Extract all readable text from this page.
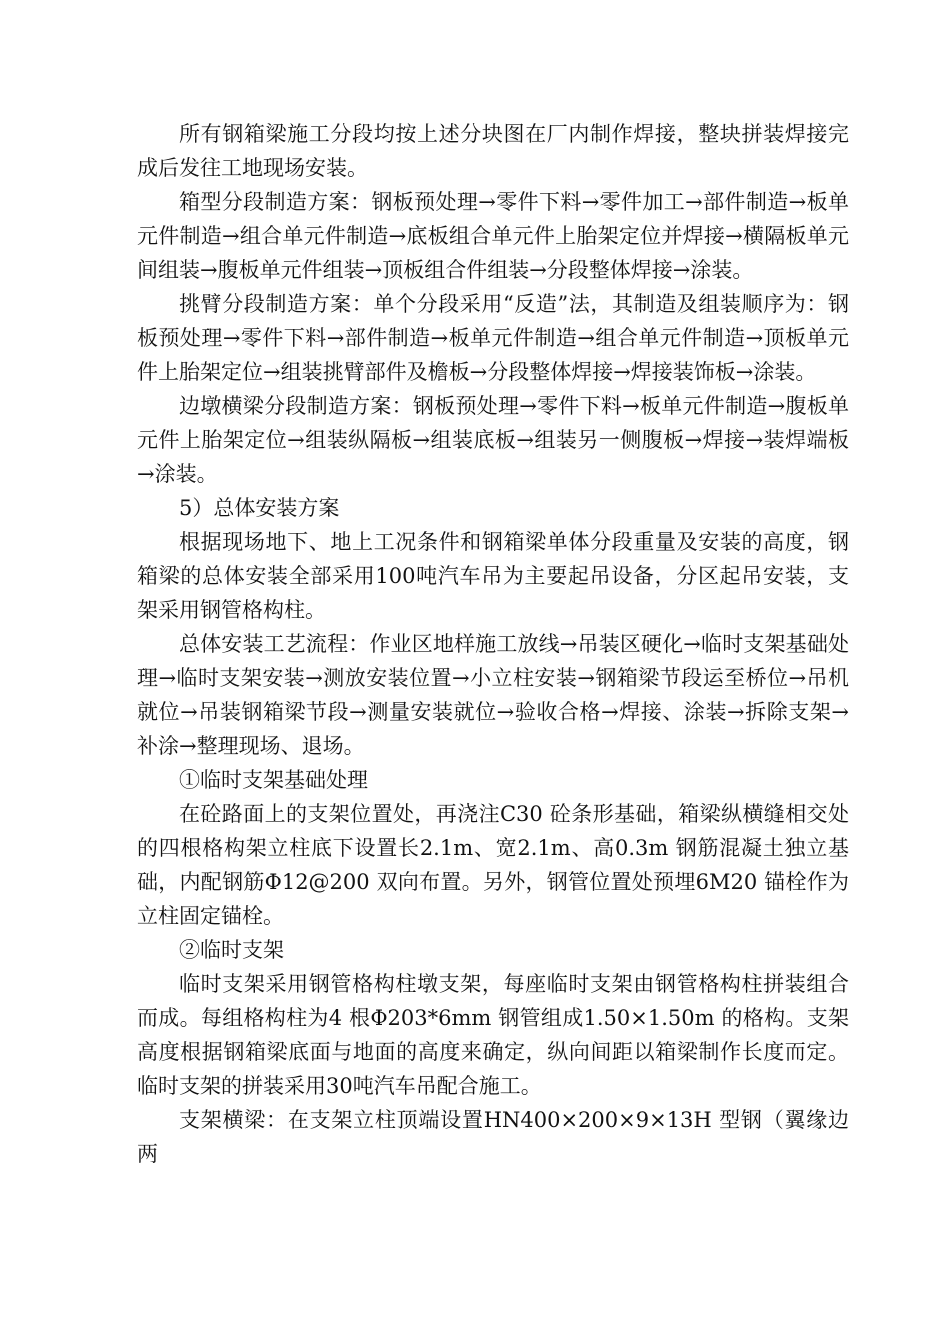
所有钢箱梁施工分段均按上述分块图在厂内制作焊接，整块拼装焊接完成后发往工地现场安装。

箱型分段制造方案：钢板预处理→零件下料→零件加工→部件制造→板单元件制造→组合单元件制造→底板组合单元件上胎架定位并焊接→横隔板单元间组装→腹板单元件组装→顶板组合件组装→分段整体焊接→涂装。

挑臂分段制造方案：单个分段采用“反造”法，其制造及组装顺序为：钢板预处理→零件下料→部件制造→板单元件制造→组合单元件制造→顶板单元件上胎架定位→组装挑臂部件及檐板→分段整体焊接→焊接装饰板→涂装。

边墩横梁分段制造方案：钢板预处理→零件下料→板单元件制造→腹板单元件上胎架定位→组装纵隔板→组装底板→组装另一侧腹板→焊接→装焊端板→涂装。

5）总体安装方案

根据现场地下、地上工况条件和钢箱梁单体分段重量及安装的高度，钢箱梁的总体安装全部采用100吨汽车吊为主要起吊设备，分区起吊安装，支架采用钢管格构柱。

总体安装工艺流程：作业区地样施工放线→吊装区硬化→临时支架基础处理→临时支架安装→测放安装位置→小立柱安装→钢箱梁节段运至桥位→吊机就位→吊装钢箱梁节段→测量安装就位→验收合格→焊接、涂装→拆除支架→补涂→整理现场、退场。

①临时支架基础处理

在砼路面上的支架位置处，再浇注C30 砼条形基础，箱梁纵横缝相交处的四根格构架立柱底下设置长2.1m、宽2.1m、高0.3m 钢筋混凝土独立基础，内配钢筋Φ12@200 双向布置。另外，钢管位置处预埋6M20 锚栓作为立柱固定锚栓。

②临时支架

临时支架采用钢管格构柱墩支架，每座临时支架由钢管格构柱拼装组合而成。每组格构柱为4 根Φ203*6mm 钢管组成1.50×1.50m 的格构。支架高度根据钢箱梁底面与地面的高度来确定，纵向间距以箱梁制作长度而定。临时支架的拼装采用30吨汽车吊配合施工。

支架横梁：在支架立柱顶端设置HN400×200×9×13H 型钢（翼缘边两
